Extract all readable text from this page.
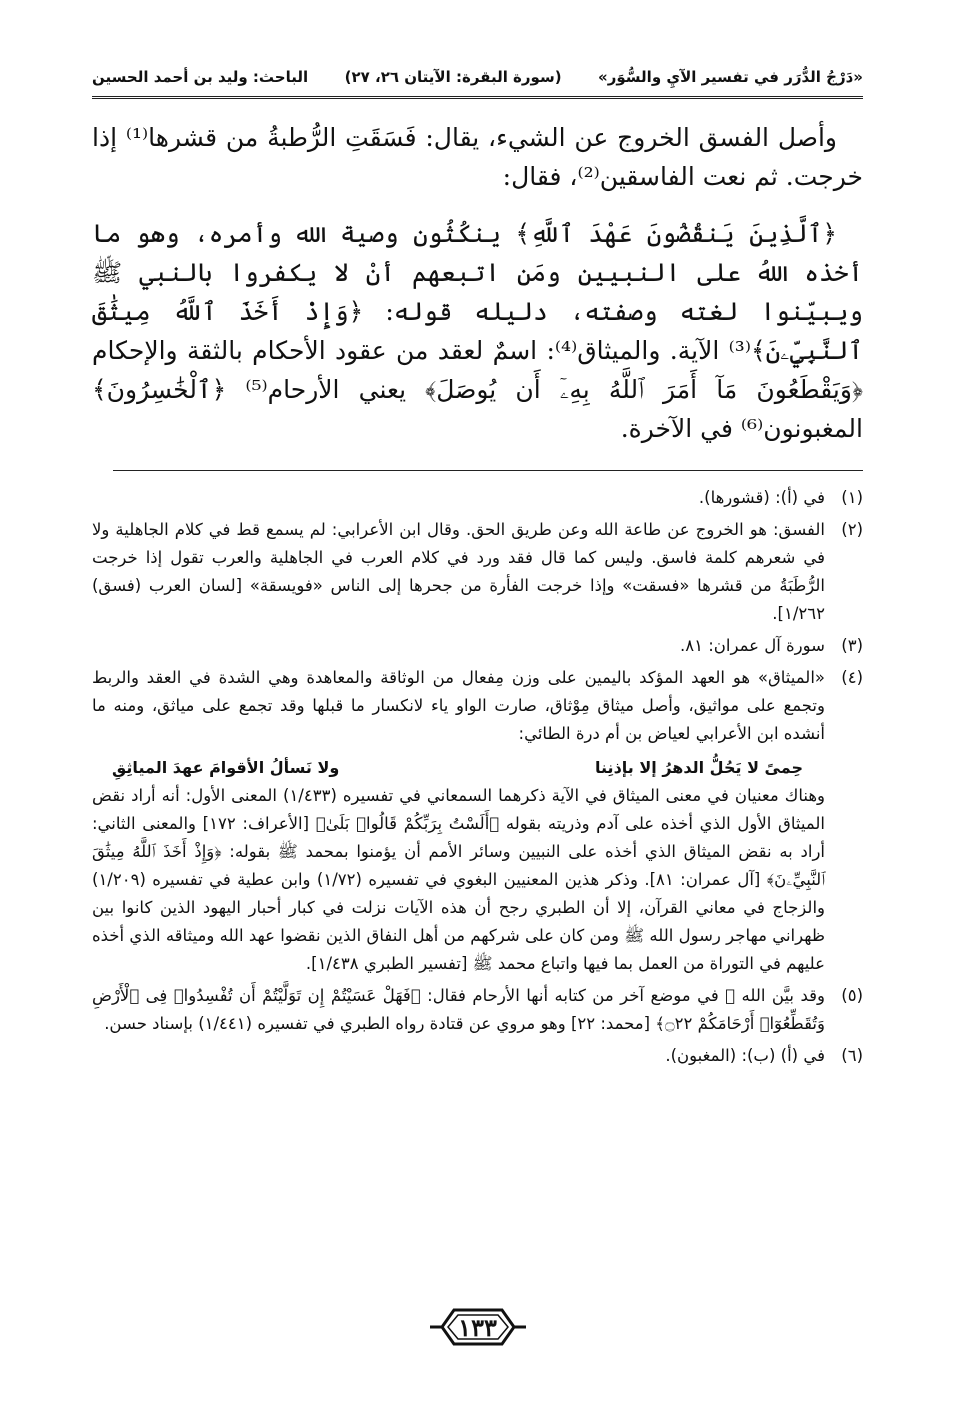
«دَرْجُ الدُّرَر في تفسير الآيِ والسُّوَر»
(سورة البقرة: الآيتان ٢٦، ٢٧)
الباحث: وليد بن أحمد الحسين

وأصل الفسق الخروج عن الشيء، يقال: فَسَقَتِ الرُّطبةُ من قشرها⁽¹⁾ إذا خرجت. ثم نعت الفاسقين⁽²⁾، فقال:

﴿ٱلَّذِينَ يَنقُضُونَ عَهْدَ ٱللَّهِ﴾ ينكُثُون وصية الله وأمره، وهو ما أخذه اللهُ على النبيين ومَن اتبعهم أنْ لا يكفروا بالنبي ﷺ ويبيّنوا لغته وصفته، دليله قوله: ﴿وَإِذْ أَخَذَ ٱللَّهُ مِيثَٰقَ ٱلنَّبِيِّۦنَ﴾⁽³⁾ الآية. والميثاق⁽⁴⁾: اسمٌ لعقد من عقود الأحكام بالثقة والإحكام ﴿وَيَقْطَعُونَ مَآ أَمَرَ ٱللَّهُ بِهِۦٓ أَن يُوصَلَ﴾ يعني الأرحام⁽⁵⁾ ﴿ٱلْخَٰسِرُونَ﴾ المغبونون⁽⁶⁾ في الآخرة.

(١)
في (أ): (قشورها).
(٢)
الفسق: هو الخروج عن طاعة الله وعن طريق الحق. وقال ابن الأعرابي: لم يسمع قط في كلام الجاهلية ولا في شعرهم كلمة فاسق. وليس كما قال فقد ورد في كلام العرب في الجاهلية والعرب تقول إذا خرجت الرُّطَبَةُ من قشرها «فسقت» وإذا خرجت الفأرة من جحرها إلى الناس «فويسقة» [لسان العرب (فسق) ١/٢٦٢].
(٣)
سورة آل عمران: ٨١.
(٤)
«الميثاق» هو العهد المؤكد باليمين على وزن مِفعال من الوثاقة والمعاهدة وهي الشدة في العقد والربط وتجمع على مواثيق، وأصل ميثاق مِوْثاق، صارت الواو ياء لانكسار ما قبلها وقد تجمع على مياثق، ومنه ما أنشده ابن الأعرابي لعياض بن أم درة الطائي:
حِمىً لا يَحُلُّ الدهرُ إلا بإذنِنا
ولا نَسألُ الأقوامَ عهدَ المياثِقِ
وهناك معنيان في معنى الميثاق في الآية ذكرهما السمعاني في تفسيره (١/٤٣٣) المعنى الأول: أنه أراد نقض الميثاق الأول الذي أخذه على آدم وذريته بقوله ﴿أَلَسْتُ بِرَبِّكُمْ قَالُوا۟ بَلَىٰ﴾ [الأعراف: ١٧٢] والمعنى الثاني: أراد به نقض الميثاق الذي أخذه على النبيين وسائر الأمم أن يؤمنوا بمحمد ﷺ بقوله: ﴿وَإِذْ أَخَذَ ٱللَّهُ مِيثَٰقَ ٱلنَّبِيِّۦنَ﴾ [آل عمران: ٨١]. وذكر هذين المعنيين البغوي في تفسيره (١/٧٢) وابن عطية في تفسيره (١/٢٠٩) والزجاج في معاني القرآن، إلا أن الطبري رجح أن هذه الآيات نزلت في كبار أحبار اليهود الذين كانوا بين ظهراني مهاجر رسول الله ﷺ ومن كان على شركهم من أهل النفاق الذين نقضوا عهد الله وميثاقه الذي أخذه عليهم في التوراة من العمل بما فيها واتباع محمد ﷺ [تفسير الطبري ١/٤٣٨].
(٥)
وقد بيَّن الله ﷻ في موضع آخر من كتابه أنها الأرحام فقال: ﴿فَهَلْ عَسَيْتُمْ إِن تَوَلَّيْتُمْ أَن تُفْسِدُوا۟ فِى ٱلْأَرْضِ وَتُقَطِّعُوٓا۟ أَرْحَامَكُمْ ۝٢٢﴾ [محمد: ٢٢] وهو مروي عن قتادة رواه الطبري في تفسيره (١/٤٤١) بإسناد حسن.
(٦)
في (أ) (ب): (المغبون).
١٣٣
